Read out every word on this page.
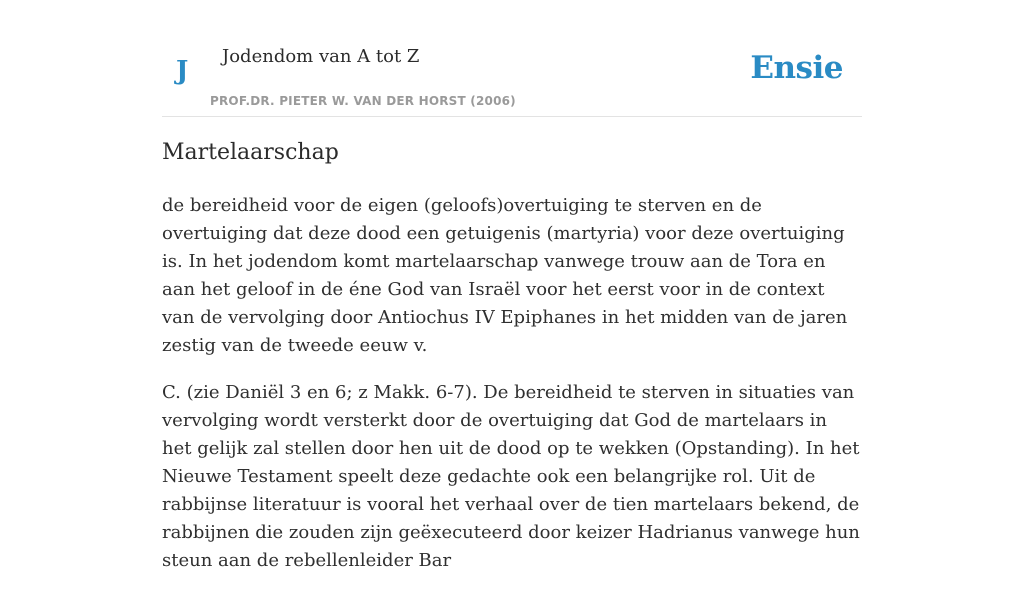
J Jodendom van A tot Z
PROF.DR. PIETER W. VAN DER HORST (2006)
Ensie
Martelaarschap

de bereidheid voor de eigen (geloofs)overtuiging te sterven en de overtuiging dat deze dood een getuigenis (martyria) voor deze overtuiging is. In het jodendom komt martelaarschap vanwege trouw aan de Tora en aan het geloof in de éne God van Israël voor het eerst voor in de context van de vervolging door Antiochus IV Epiphanes in het midden van de jaren zestig van de tweede eeuw v.

C. (zie Daniël 3 en 6; z Makk. 6-7). De bereidheid te sterven in situaties van vervolging wordt versterkt door de overtuiging dat God de martelaars in het gelijk zal stellen door hen uit de dood op te wekken (Opstanding). In het Nieuwe Testament speelt deze gedachte ook een belangrijke rol. Uit de rabbijnse literatuur is vooral het verhaal over de tien martelaars bekend, de rabbijnen die zouden zijn geëxecuteerd door keizer Hadrianus vanwege hun steun aan de rebellenleider Bar
